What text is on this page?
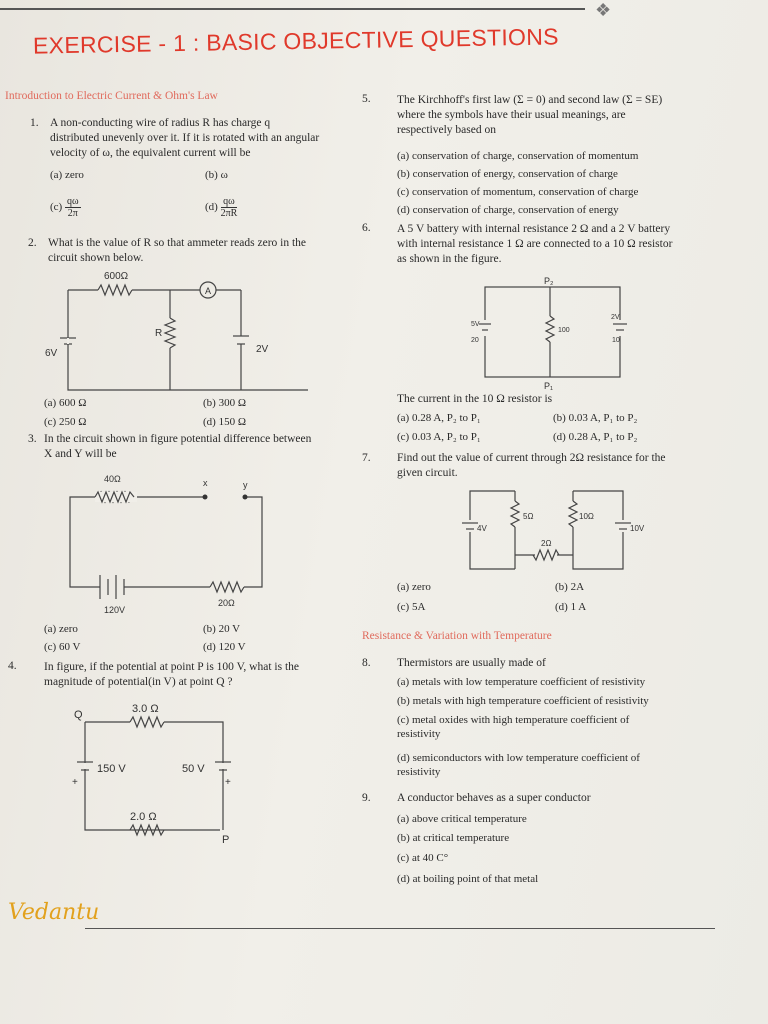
❖
EXERCISE - 1 : BASIC OBJECTIVE QUESTIONS
Introduction to Electric Current & Ohm's Law
1. A non-conducting wire of radius R has charge q
distributed unevenly over it. If it is rotated with an angular
velocity of ω, the equivalent current will be
(a) zero	(b) ω
$(c) \frac{q\omega}{2\pi}$	$(d) \frac{q\omega}{2\pi R}$
2. What is the value of R so that ammeter reads zero in the
circuit shown below.
600Ω
A
R
6V	2V
(a) 600 Ω	(b) 300 Ω
(c) 250 Ω	(d) 150 Ω
3. In the circuit shown in figure potential difference between
X and Y will be
40Ω	x	y
120V
20Ω
(a) zero	(b) 20 V
(c) 60 V	(d) 120 V
4. In figure, if the potential at point P is 100 V, what is the
magnitude of potential(in V) at point Q ?
Q	3.0 Ω
150 V	50 V
+	+
2.0 Ω
P
5. The Kirchhoff's first law (Σ = 0) and second law (Σ = SE)
where the symbols have their usual meanings, are
respectively based on
(a) conservation of charge, conservation of momentum
(b) conservation of energy, conservation of charge
(c) conservation of momentum, conservation of charge
(d) conservation of charge, conservation of energy
6. A 5 V battery with internal resistance 2 Ω and a 2 V battery
with internal resistance 1 Ω are connected to a 10 Ω resistor
as shown in the figure.
P₂
P₁
5V
20
100
2V
10
The current in the 10 Ω resistor is
(a) 0.28 A, P₂ to P₁	(b) 0.03 A, P₁ to P₂
(c) 0.03 A, P₂ to P₁	(d) 0.28 A, P₁ to P₂
7. Find out the value of current through 2Ω resistance for the
given circuit.
4V
5Ω	10Ω
10V
2Ω
(a) zero	(b) 2A
(c) 5A	(d) 1 A
Resistance & Variation with Temperature
8. Thermistors are usually made of
(a) metals with low temperature coefficient of resistivity
(b) metals with high temperature coefficient of resistivity
(c) metal oxides with high temperature coefficient of
resistivity
(d) semiconductors with low temperature coefficient of
resistivity
9. A conductor behaves as a super conductor
(a) above critical temperature
(b) at critical temperature
(c) at 40 C°
(d) at boiling point of that metal
Vedantu
